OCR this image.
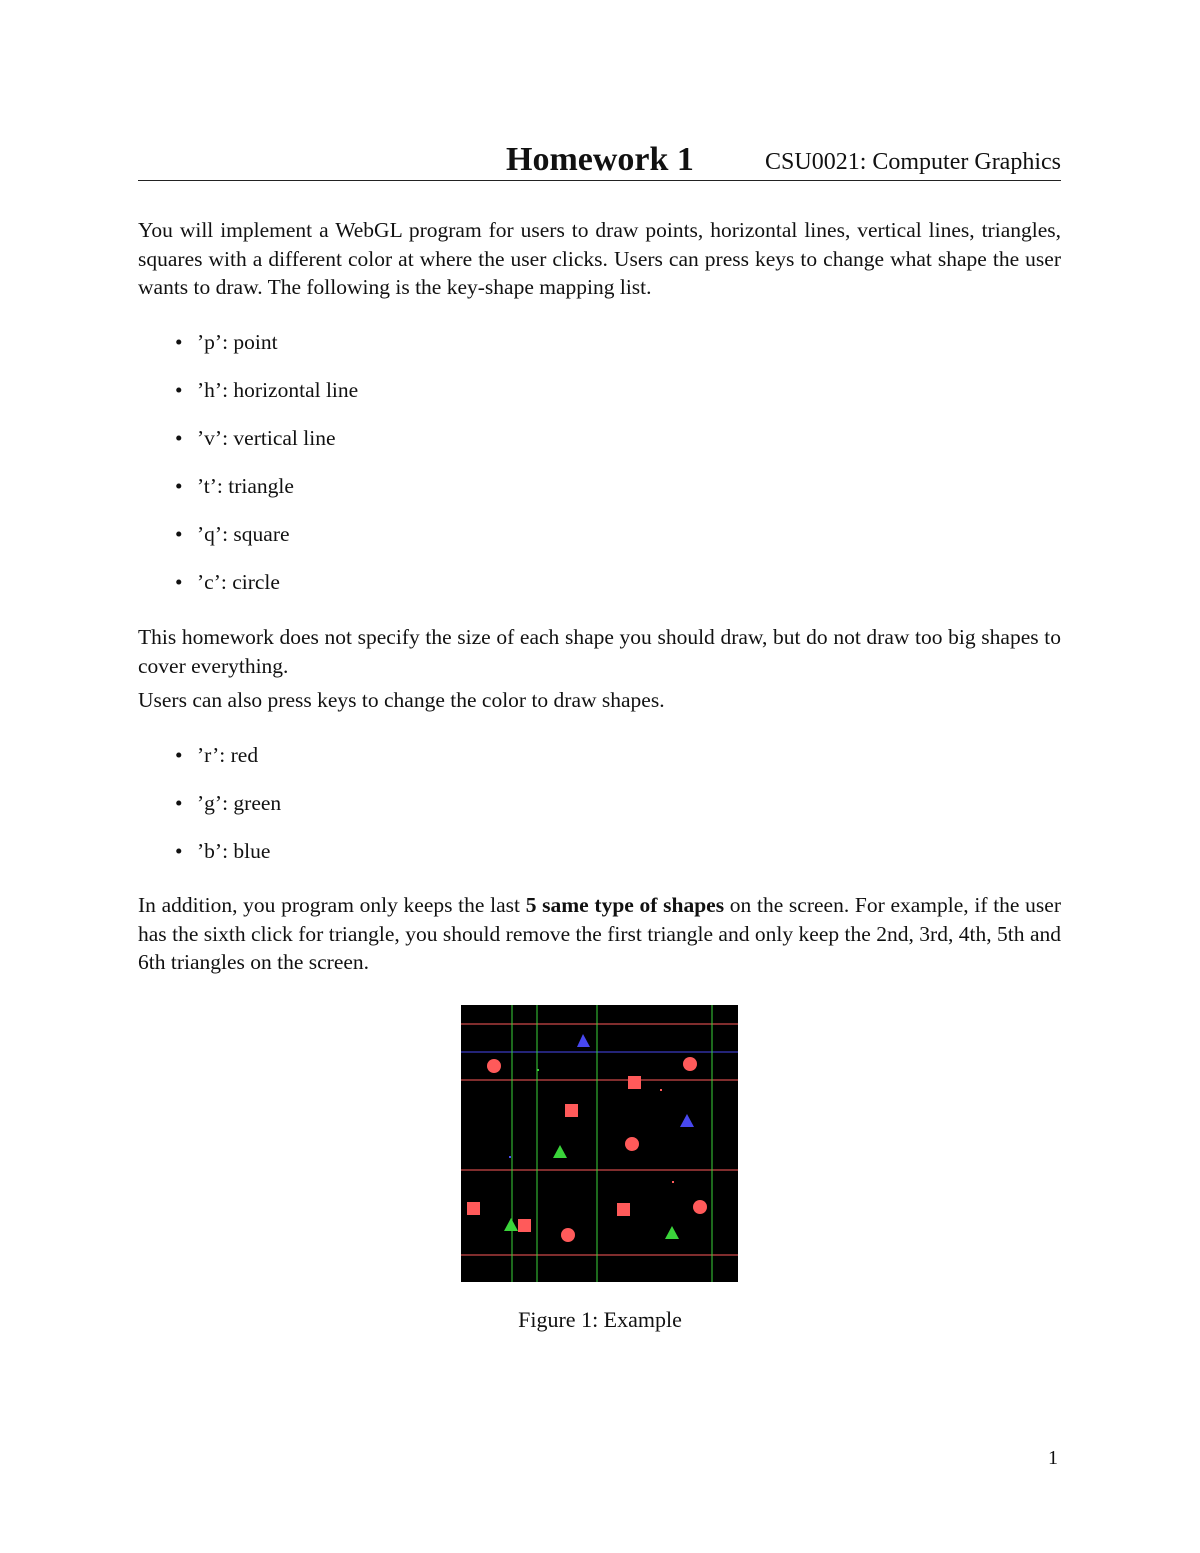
Homework 1	CSU0021: Computer Graphics

You will implement a WebGL program for users to draw points, horizontal lines, vertical lines, triangles, squares with a different color at where the user clicks. Users can press keys to change what shape the user wants to draw. The following is the key-shape mapping list.

• ’p’: point
• ’h’: horizontal line
• ’v’: vertical line
• ’t’: triangle
• ’q’: square
• ’c’: circle

This homework does not specify the size of each shape you should draw, but do not draw too big shapes to cover everything.

Users can also press keys to change the color to draw shapes.

• ’r’: red
• ’g’: green
• ’b’: blue

In addition, you program only keeps the last 5 same type of shapes on the screen. For example, if the user has the sixth click for triangle, you should remove the first triangle and only keep the 2nd, 3rd, 4th, 5th and 6th triangles on the screen.

Figure 1: Example
1
